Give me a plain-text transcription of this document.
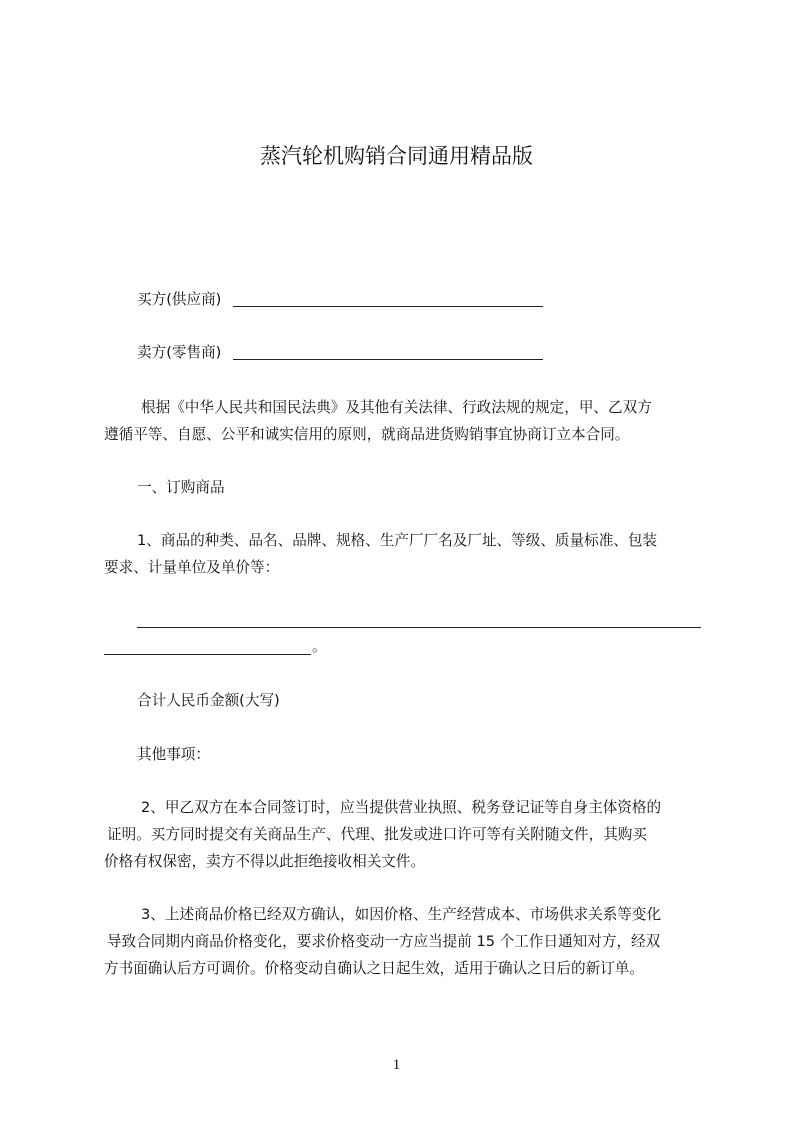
蒸汽轮机购销合同通用精品版
买方(供应商)
卖方(零售商)
根据《中华人民共和国民法典》及其他有关法律、行政法规的规定，甲、乙双方
遵循平等、自愿、公平和诚实信用的原则，就商品进货购销事宜协商订立本合同。
一、订购商品
1、商品的种类、品名、品牌、规格、生产厂厂名及厂址、等级、质量标准、包装
要求、计量单位及单价等：
。
合计人民币金额(大写)
其他事项：
2、甲乙双方在本合同签订时，应当提供营业执照、税务登记证等自身主体资格的
证明。买方同时提交有关商品生产、代理、批发或进口许可等有关附随文件，其购买
价格有权保密，卖方不得以此拒绝接收相关文件。
3、上述商品价格已经双方确认，如因价格、生产经营成本、市场供求关系等变化
导致合同期内商品价格变化，要求价格变动一方应当提前 15 个工作日通知对方，经双
方书面确认后方可调价。价格变动自确认之日起生效，适用于确认之日后的新订单。
1
